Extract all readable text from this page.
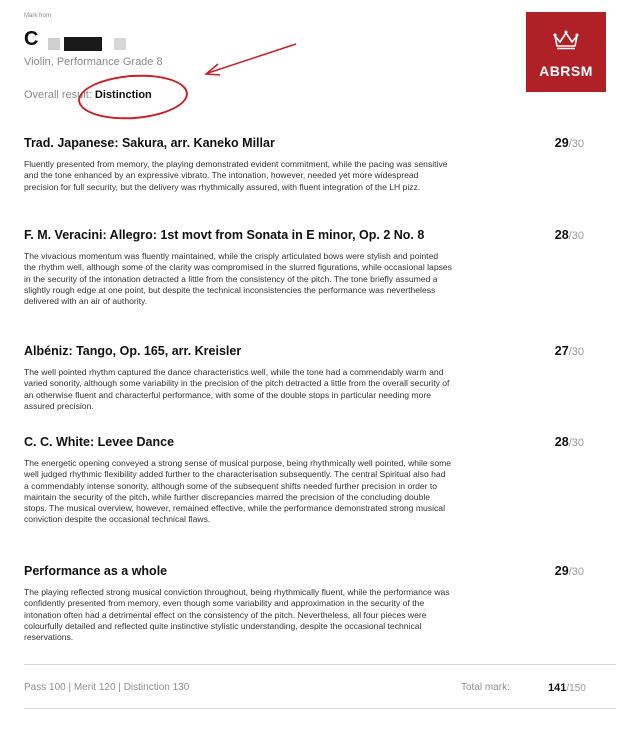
Mark from
C
Violin, Performance Grade 8
Overall result: Distinction
ABRSM
Trad. Japanese: Sakura, arr. Kaneko Millar	29/30
Fluently presented from memory, the playing demonstrated evident commitment, while the pacing was sensitive and the tone enhanced by an expressive vibrato. The intonation, however, needed yet more widespread precision for full security, but the delivery was rhythmically assured, with fluent integration of the LH pizz.
F. M. Veracini: Allegro: 1st movt from Sonata in E minor, Op. 2 No. 8	28/30
The vivacious momentum was fluently maintained, while the crisply articulated bows were stylish and pointed the rhythm well, although some of the clarity was compromised in the slurred figurations, while occasional lapses in the security of the intonation detracted a little from the consistency of the pitch. The tone briefly assumed a slightly rough edge at one point, but despite the technical inconsistencies the performance was nevertheless delivered with an air of authority.
Albéniz: Tango, Op. 165, arr. Kreisler	27/30
The well pointed rhythm captured the dance characteristics well, while the tone had a commendably warm and varied sonority, although some variability in the precision of the pitch detracted a little from the overall security of an otherwise fluent and characterful performance, with some of the double stops in particular needing more assured precision.
C. C. White: Levee Dance	28/30
The energetic opening conveyed a strong sense of musical purpose, being rhythmically well pointed, while some well judged rhythmic flexibility added further to the characterisation subsequently. The central Spiritual also had a commendably intense sonority, although some of the subsequent shifts needed further precision in order to maintain the security of the pitch, while further discrepancies marred the precision of the concluding double stops. The musical overview, however, remained effective, while the performance demonstrated strong musical conviction despite the occasional technical flaws.
Performance as a whole	29/30
The playing reflected strong musical conviction throughout, being rhythmically fluent, while the performance was confidently presented from memory, even though some variability and approximation in the security of the intonation often had a detrimental effect on the consistency of the pitch. Nevertheless, all four pieces were colourfully detailed and reflected quite instinctive stylistic understanding, despite the occasional technical reservations.
Pass 100 | Merit 120 | Distinction 130	Total mark:	141/150
